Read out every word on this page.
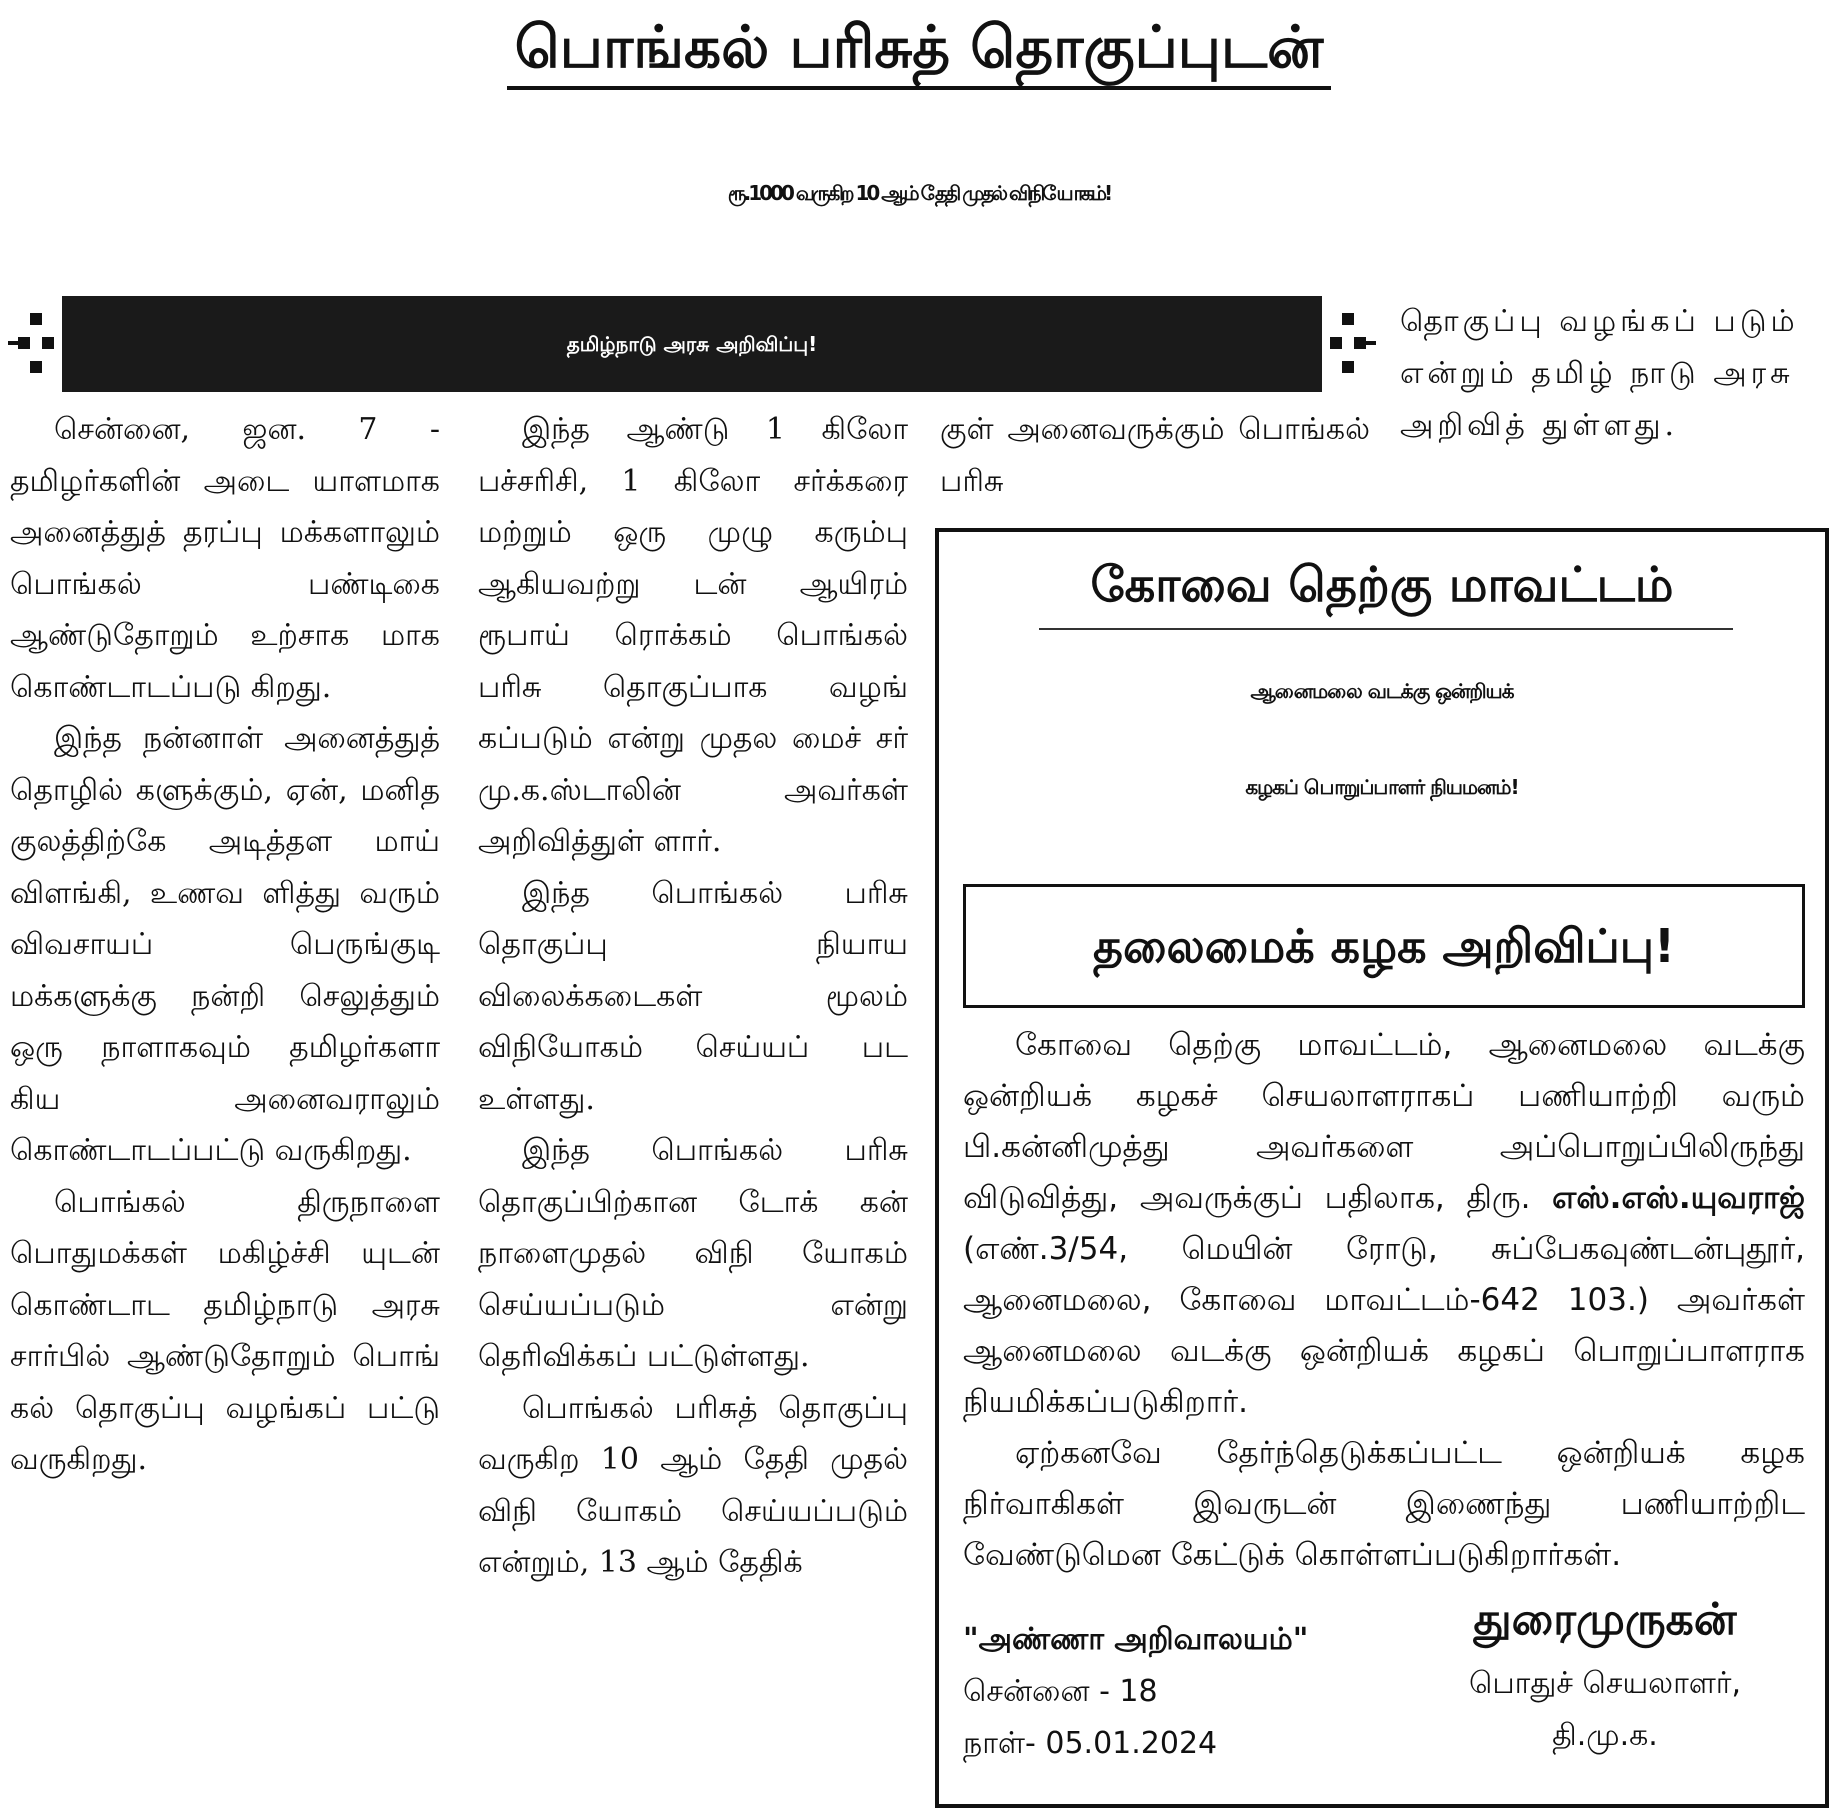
பொங்கல் பரிசுத் தொகுப்புடன்
ரூ.1000 வருகிற 10 ஆம் தேதி முதல் விநியோகம்!
தமிழ்நாடு அரசு அறிவிப்பு!

சென்னை, ஜன. 7 - தமிழர்களின் அடை யாளமாக அனைத்துத் தரப்பு மக்களாலும் பொங்கல் பண்டிகை ஆண்டுதோறும் உற்சாக மாக கொண்டாடப்படு கிறது.

இந்த நன்னாள் அனைத்துத் தொழில் களுக்கும், ஏன், மனித குலத்திற்கே அடித்தள மாய் விளங்கி, உணவ ளித்து வரும் விவசாயப் பெருங்குடி மக்களுக்கு நன்றி செலுத்தும் ஒரு நாளாகவும் தமிழர்களா கிய அனைவராலும் கொண்டாடப்பட்டு வருகிறது.

பொங்கல் திருநாளை பொதுமக்கள் மகிழ்ச்சி யுடன் கொண்டாட தமிழ்நாடு அரசு சார்பில் ஆண்டுதோறும் பொங் கல் தொகுப்பு வழங்கப் பட்டு வருகிறது.

இந்த ஆண்டு 1 கிலோ பச்சரிசி, 1 கிலோ சர்க்கரை மற்றும் ஒரு முழு கரும்பு ஆகியவற்று டன் ஆயிரம் ரூபாய் ரொக்கம் பொங்கல் பரிசு தொகுப்பாக வழங் கப்படும் என்று முதல மைச் சர் மு.க.ஸ்டாலின் அவர்கள் அறிவித்துள் ளார்.

இந்த பொங்கல் பரிசு தொகுப்பு நியாய விலைக்கடைகள் மூலம் விநியோகம் செய்யப் பட உள்ளது.

இந்த பொங்கல் பரிசு தொகுப்பிற்கான டோக் கன் நாளைமுதல் விநி யோகம் செய்யப்படும் என்று தெரிவிக்கப் பட்டுள்ளது.

பொங்கல் பரிசுத் தொகுப்பு வருகிற 10 ஆம் தேதி முதல் விநி யோகம் செய்யப்படும் என்றும், 13 ஆம் தேதிக்

குள் அனைவருக்கும் பொங்கல் பரிசு

தொகுப்பு வழங்கப் படும் என்றும் தமிழ் நாடு அரசு அறிவித் துள்ளது.

கோவை தெற்கு மாவட்டம்
ஆனைமலை வடக்கு ஒன்றியக்
கழகப் பொறுப்பாளர் நியமனம்!
தலைமைக் கழக அறிவிப்பு!

கோவை தெற்கு மாவட்டம், ஆனைமலை வடக்கு ஒன்றியக் கழகச் செயலாளராகப் பணியாற்றி வரும் பி.கன்னிமுத்து அவர்களை அப்பொறுப்பிலிருந்து விடுவித்து, அவருக்குப் பதிலாக, திரு. எஸ்.எஸ்.யுவராஜ் (எண்.3/54, மெயின் ரோடு, சுப்பேகவுண்டன்புதூர், ஆனைமலை, கோவை மாவட்டம்-642 103.) அவர்கள் ஆனைமலை வடக்கு ஒன்றியக் கழகப் பொறுப்பாளராக நியமிக்கப்படுகிறார்.

ஏற்கனவே தேர்ந்தெடுக்கப்பட்ட ஒன்றியக் கழக நிர்வாகிகள் இவருடன் இணைந்து பணியாற்றிட வேண்டுமென கேட்டுக் கொள்ளப்படுகிறார்கள்.

"அண்ணா அறிவாலயம்"
சென்னை - 18
நாள்- 05.01.2024
துரைமுருகன்
பொதுச் செயலாளர்,
தி.மு.க.
